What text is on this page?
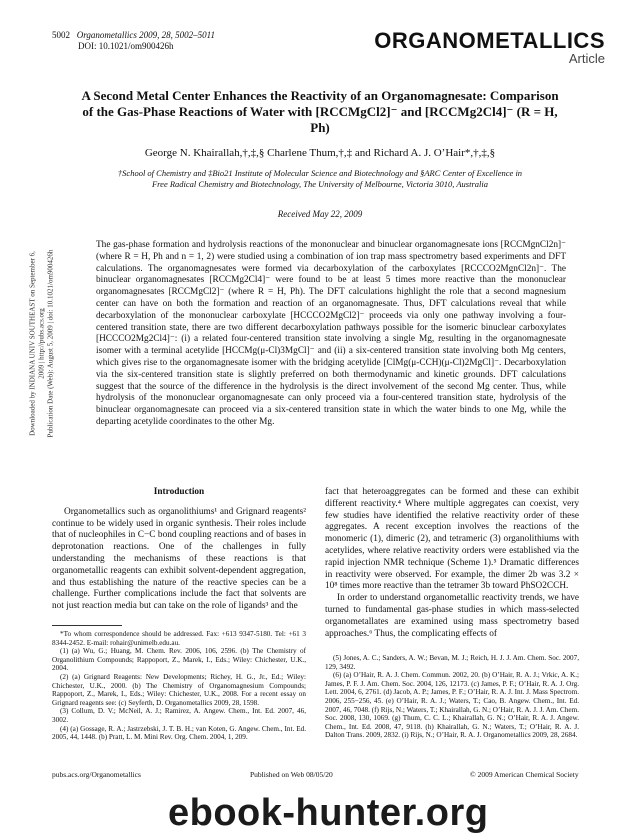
5002 Organometallics 2009, 28, 5002–5011
DOI: 10.1021/om900426h	ORGANOMETALLICS
Article
Downloaded by INDIANA UNIV SOUTHEAST on September 6, 2009 | http://pubs.acs.org Publication Date (Web): August 5, 2009 | doi: 10.1021/om900426h
A Second Metal Center Enhances the Reactivity of an Organomagnesate: Comparison of the Gas-Phase Reactions of Water with [RCCMgCl2]⁻ and [RCCMg2Cl4]⁻ (R = H, Ph)
George N. Khairallah,†,‡,§ Charlene Thum,†,‡ and Richard A. J. O’Hair*,†,‡,§
†School of Chemistry and ‡Bio21 Institute of Molecular Science and Biotechnology and §ARC Center of Excellence in Free Radical Chemistry and Biotechnology, The University of Melbourne, Victoria 3010, Australia
Received May 22, 2009
The gas-phase formation and hydrolysis reactions of the mononuclear and binuclear organomagnesate ions [RCCMgnCl2n]⁻ (where R = H, Ph and n = 1, 2) were studied using a combination of ion trap mass spectrometry based experiments and DFT calculations. The organomagnesates were formed via decarboxylation of the carboxylates [RCCCO2MgnCl2n]⁻. The binuclear organomagnesates [RCCMg2Cl4]⁻ were found to be at least 5 times more reactive than the mononuclear organomagnesates [RCCMgCl2]⁻ (where R = H, Ph). The DFT calculations highlight the role that a second magnesium center can have on both the formation and reaction of an organomagnesate. Thus, DFT calculations reveal that while decarboxylation of the mononuclear carboxylate [HCCCO2MgCl2]⁻ proceeds via only one pathway involving a four-centered transition state, there are two different decarboxylation pathways possible for the isomeric binuclear carboxylates [HCCCO2Mg2Cl4]⁻: (i) a related four-centered transition state involving a single Mg, resulting in the organomagnesate isomer with a terminal acetylide [HCCMg(μ-Cl)3MgCl]⁻ and (ii) a six-centered transition state involving both Mg centers, which gives rise to the organomagnesate isomer with the bridging acetylide [ClMg(μ-CCH)(μ-Cl)2MgCl]⁻. Decarboxylation via the six-centered transition state is slightly preferred on both thermodynamic and kinetic grounds. DFT calculations suggest that the source of the difference in the hydrolysis is the direct involvement of the second Mg center. Thus, while hydrolysis of the mononuclear organomagnesate can only proceed via a four-centered transition state, hydrolysis of the binuclear organomagnesate can proceed via a six-centered transition state in which the water binds to one Mg, while the departing acetylide coordinates to the other Mg.

Introduction

Organometallics such as organolithiums¹ and Grignard reagents² continue to be widely used in organic synthesis. Their roles include that of nucleophiles in C−C bond coupling reactions and of bases in deprotonation reactions. One of the challenges in fully understanding the mechanisms of these reactions is that organometallic reagents can exhibit solvent-dependent aggregation, and thus establishing the nature of the reactive species can be a challenge. Further complications include the fact that solvents are not just reaction media but can take on the role of ligands³ and the

*To whom correspondence should be addressed. Fax: +613 9347-5180. Tel: +61 3 8344-2452. E-mail: rohair@unimelb.edu.au.

(1) (a) Wu, G.; Huang, M. Chem. Rev. 2006, 106, 2596. (b) The Chemistry of Organolithium Compounds; Rappoport, Z., Marek, I., Eds.; Wiley: Chichester, U.K., 2004.

(2) (a) Grignard Reagents: New Developments; Richey, H. G., Jr., Ed.; Wiley: Chichester, U.K., 2000. (b) The Chemistry of Organomagnesium Compounds; Rappoport, Z., Marek, I., Eds.; Wiley: Chichester, U.K., 2008. For a recent essay on Grignard reagents see: (c) Seyferth, D. Organometallics 2009, 28, 1598.

(3) Collum, D. V.; McNeil, A. J.; Ramirez, A. Angew. Chem., Int. Ed. 2007, 46, 3002.

(4) (a) Gossage, R. A.; Jastrzebski, J. T. B. H.; van Koten, G. Angew. Chem., Int. Ed. 2005, 44, 1448. (b) Pratt, L. M. Mini Rev. Org. Chem. 2004, 1, 209.

fact that heteroaggregates can be formed and these can exhibit different reactivity.⁴ Where multiple aggregates can coexist, very few studies have identified the relative reactivity order of these aggregates. A recent exception involves the reactions of the monomeric (1), dimeric (2), and tetrameric (3) organolithiums with acetylides, where relative reactivity orders were established via the rapid injection NMR technique (Scheme 1).⁵ Dramatic differences in reactivity were observed. For example, the dimer 2b was 3.2 × 10⁸ times more reactive than the tetramer 3b toward PhSO2CCH.

In order to understand organometallic reactivity trends, we have turned to fundamental gas-phase studies in which mass-selected organometallates are examined using mass spectrometry based approaches.⁶ Thus, the complicating effects of

(5) Jones, A. C.; Sanders, A. W.; Bevan, M. J.; Reich, H. J. J. Am. Chem. Soc. 2007, 129, 3492.

(6) (a) O’Hair, R. A. J. Chem. Commun. 2002, 20. (b) O’Hair, R. A. J.; Vrkic, A. K.; James, P. F. J. Am. Chem. Soc. 2004, 126, 12173. (c) James, P. F.; O’Hair, R. A. J. Org. Lett. 2004, 6, 2761. (d) Jacob, A. P.; James, P. F.; O’Hair, R. A. J. Int. J. Mass Spectrom. 2006, 255−256, 45. (e) O’Hair, R. A. J.; Waters, T.; Cao, B. Angew. Chem., Int. Ed. 2007, 46, 7048. (f) Rijs, N.; Waters, T.; Khairallah, G. N.; O’Hair, R. A. J. J. Am. Chem. Soc. 2008, 130, 1069. (g) Thum, C. C. L.; Khairallah, G. N.; O’Hair, R. A. J. Angew. Chem., Int. Ed. 2008, 47, 9118. (h) Khairallah, G. N.; Waters, T.; O’Hair, R. A. J. Dalton Trans. 2009, 2832. (i) Rijs, N.; O’Hair, R. A. J. Organometallics 2009, 28, 2684.

pubs.acs.org/Organometallics	Published on Web 08/05/20	© 2009 American Chemical Society
ebook-hunter.org
